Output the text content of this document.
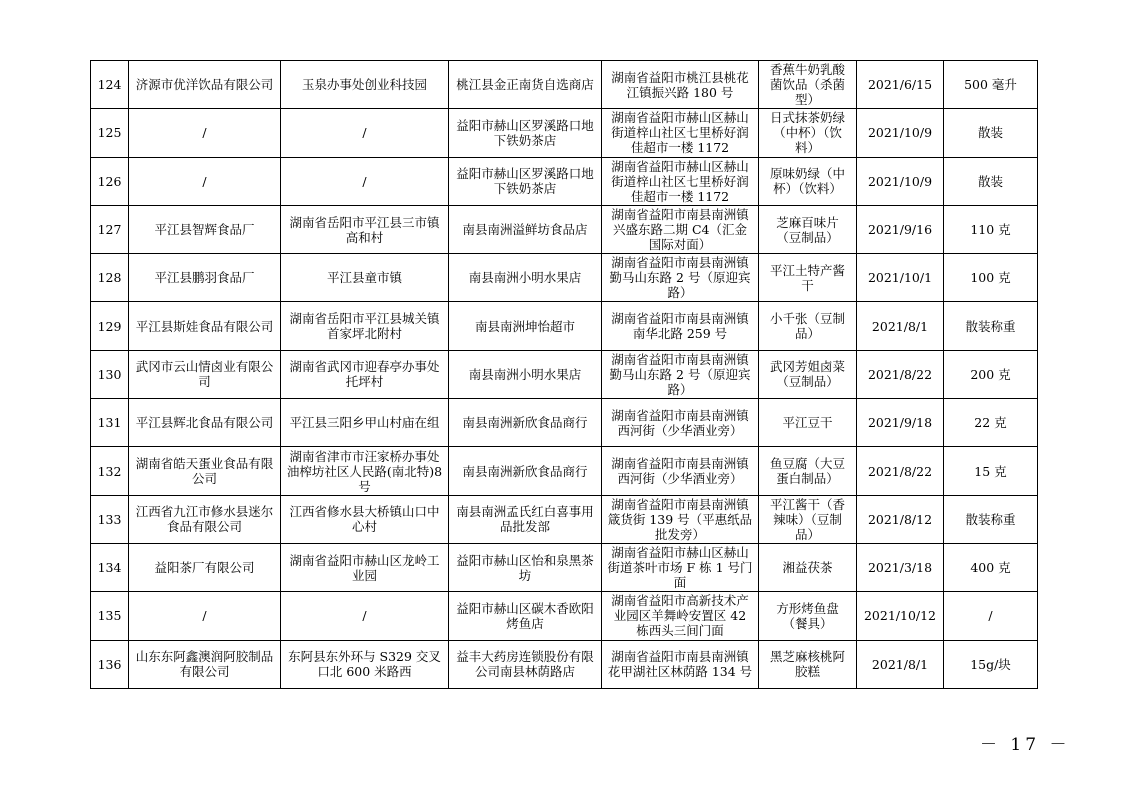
124	济源市优洋饮品有限公司	玉泉办事处创业科技园	桃江县金正南货自选商店	湖南省益阳市桃江县桃花江镇振兴路 180 号	香蕉牛奶乳酸菌饮品（杀菌型）	2021/6/15	500 毫升
125	/	/	益阳市赫山区罗溪路口地下铁奶茶店	湖南省益阳市赫山区赫山街道梓山社区七里桥好润佳超市一楼 1172	日式抹茶奶绿（中杯）（饮料）	2021/10/9	散装
126	/	/	益阳市赫山区罗溪路口地下铁奶茶店	湖南省益阳市赫山区赫山街道梓山社区七里桥好润佳超市一楼 1172	原味奶绿（中杯）（饮料）	2021/10/9	散装
127	平江县智辉食品厂	湖南省岳阳市平江县三市镇高和村	南县南洲溢鲜坊食品店	湖南省益阳市南县南洲镇兴盛东路二期 C4（汇金国际对面）	芝麻百味片（豆制品）	2021/9/16	110 克
128	平江县鹏羽食品厂	平江县童市镇	南县南洲小明水果店	湖南省益阳市南县南洲镇勤马山东路 2 号（原迎宾路）	平江土特产酱干	2021/10/1	100 克
129	平江县斯娃食品有限公司	湖南省岳阳市平江县城关镇首家坪北附村	南县南洲坤怡超市	湖南省益阳市南县南洲镇南华北路 259 号	小千张（豆制品）	2021/8/1	散装称重
130	武冈市云山情卤业有限公司	湖南省武冈市迎春亭办事处托坪村	南县南洲小明水果店	湖南省益阳市南县南洲镇勤马山东路 2 号（原迎宾路）	武冈芳姐卤菜（豆制品）	2021/8/22	200 克
131	平江县辉北食品有限公司	平江县三阳乡甲山村庙在组	南县南洲新欣食品商行	湖南省益阳市南县南洲镇西河街（少华酒业旁）	平江豆干	2021/9/18	22 克
132	湖南省皓天蛋业食品有限公司	湖南省津市市汪家桥办事处油榨坊社区人民路(南北特)8 号	南县南洲新欣食品商行	湖南省益阳市南县南洲镇西河街（少华酒业旁）	鱼豆腐（大豆蛋白制品）	2021/8/22	15 克
133	江西省九江市修水县迷尔食品有限公司	江西省修水县大桥镇山口中心村	南县南洲孟氏红白喜事用品批发部	湖南省益阳市南县南洲镇箴货街 139 号（平惠纸品批发旁）	平江酱干（香辣味）（豆制品）	2021/8/12	散装称重
134	益阳茶厂有限公司	湖南省益阳市赫山区龙岭工业园	益阳市赫山区怡和泉黑茶坊	湖南省益阳市赫山区赫山街道茶叶市场 F 栋 1 号门面	湘益茯茶	2021/3/18	400 克
135	/	/	益阳市赫山区碳木香欧阳烤鱼店	湖南省益阳市高新技术产业园区羊舞岭安置区 42 栋西头三间门面	方形烤鱼盘（餐具）	2021/10/12	/
136	山东东阿鑫澳润阿胶制品有限公司	东阿县东外环与 S329 交叉口北 600 米路西	益丰大药房连锁股份有限公司南县林荫路店	湖南省益阳市南县南洲镇花甲湖社区林荫路 134 号	黑芝麻核桃阿胶糕	2021/8/1	15g/块
－ 17 －
